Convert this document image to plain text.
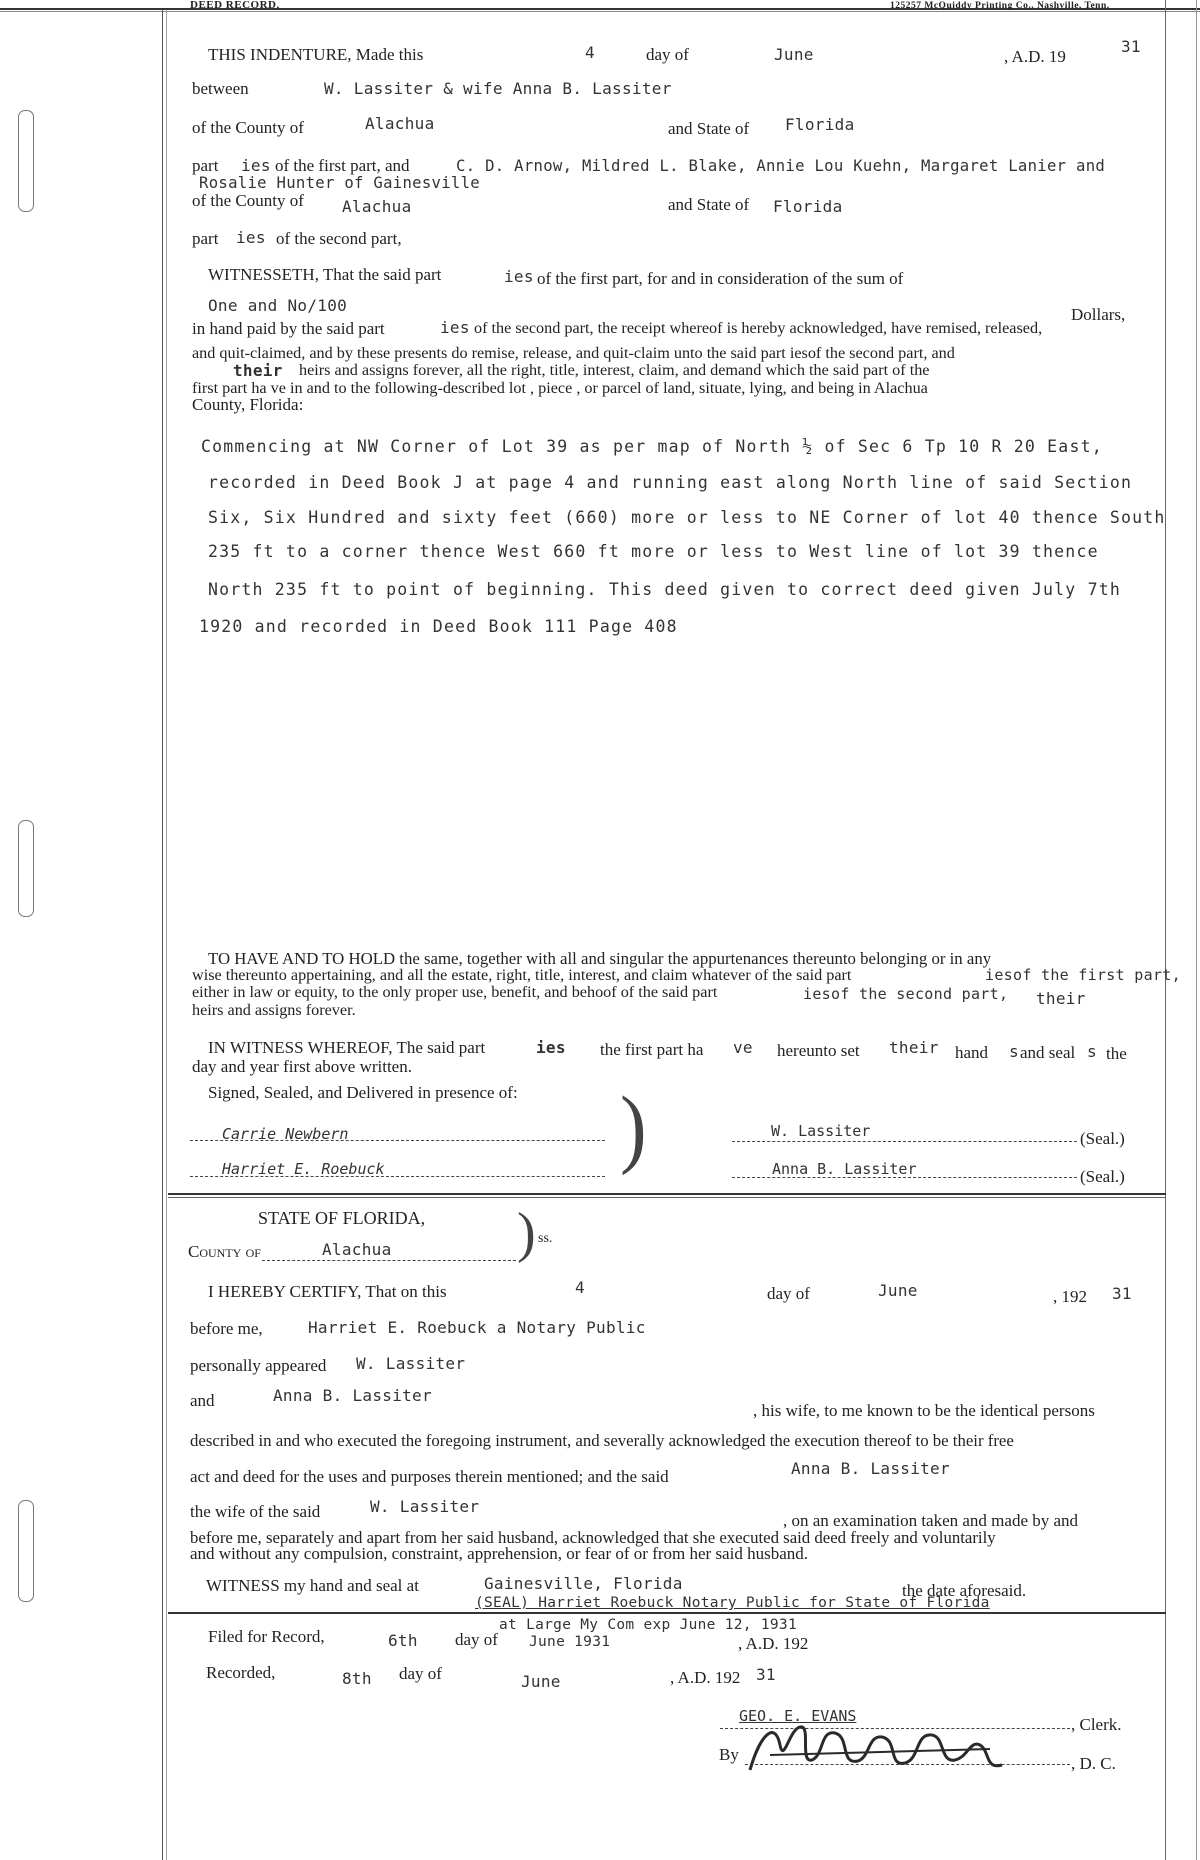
DEED RECORD,	125257 McQuiddy Printing Co., Nashville, Tenn.
THIS INDENTURE, Made this	4	day of	June	, A.D. 19
31
between	W. Lassiter & wife Anna B. Lassiter
of the County of	Alachua	and State of Florida
part ies of the first part, and	C. D. Arnow, Mildred L. Blake, Annie Lou Kuehn, Margaret Lanier and
Rosalie Hunter of Gainesville
of the County of Alachua	and State of Florida
part ies of the second part,
WITNESSETH, That the said part	ies of the first part, for and in consideration of the sum of
One and No/100	Dollars,
in hand paid by the said part	ies of the second part, the receipt whereof is hereby acknowledged, have remised, released,
and quit-claimed, and by these presents do remise, release, and quit-claim unto the said part iesof the second part, and
their heirs and assigns forever, all the right, title, interest, claim, and demand which the said part of the
first part ha ve in and to the following-described lot , piece , or parcel of land, situate, lying, and being in Alachua
County, Florida:
Commencing at NW Corner of Lot 39 as per map of North ½ of Sec 6 Tp 10 R 20 East,
recorded in Deed Book J at page 4 and running east along North line of said Section
Six, Six Hundred and sixty feet (660) more or less to NE Corner of lot 40 thence South
235 ft to a corner thence West 660 ft more or less to West line of lot 39 thence
North 235 ft to point of beginning. This deed given to correct deed given July 7th
1920 and recorded in Deed Book 111 Page 408
TO HAVE AND TO HOLD the same, together with all and singular the appurtenances thereunto belonging or in any
wise thereunto appertaining, and all the estate, right, title, interest, and claim whatever of the said part	iesof the first part,
either in law or equity, to the only proper use, benefit, and behoof of the said part	iesof the second part, their
heirs and assigns forever.
IN WITNESS WHEREOF, The said part	ies the first part ha ve hereunto set their hand s and seal s the
day and year first above written.
Signed, Sealed, and Delivered in presence of: )
Carrie Newbern
Harriet E. Roebuck
W. Lassiter	(Seal.)
Anna B. Lassiter	(Seal.)
STATE OF FLORIDA,
County of	Alachua ) ss.
I HEREBY CERTIFY, That on this	4	day of	June	, 192 31
before me,	Harriet E. Roebuck a Notary Public
personally appeared W. Lassiter
and	Anna B. Lassiter
, his wife, to me known to be the identical persons
described in and who executed the foregoing instrument, and severally acknowledged the execution thereof to be their free
act and deed for the uses and purposes therein mentioned; and the said	Anna B. Lassiter
the wife of the said	W. Lassiter
, on an examination taken and made by and
before me, separately and apart from her said husband, acknowledged that she executed said deed freely and voluntarily
and without any compulsion, constraint, apprehension, or fear of or from her said husband.
WITNESS my hand and seal at	Gainesville, Florida	the date aforesaid.
(SEAL) Harriet Roebuck Notary Public for State of Florida
Filed for Record,	6th day of
at Large My Com exp June 12, 1931
June 1931	, A.D. 192
Recorded,	8th day of	June	, A.D. 192 31
GEO. E. EVANS	, Clerk.
By	, D. C.
